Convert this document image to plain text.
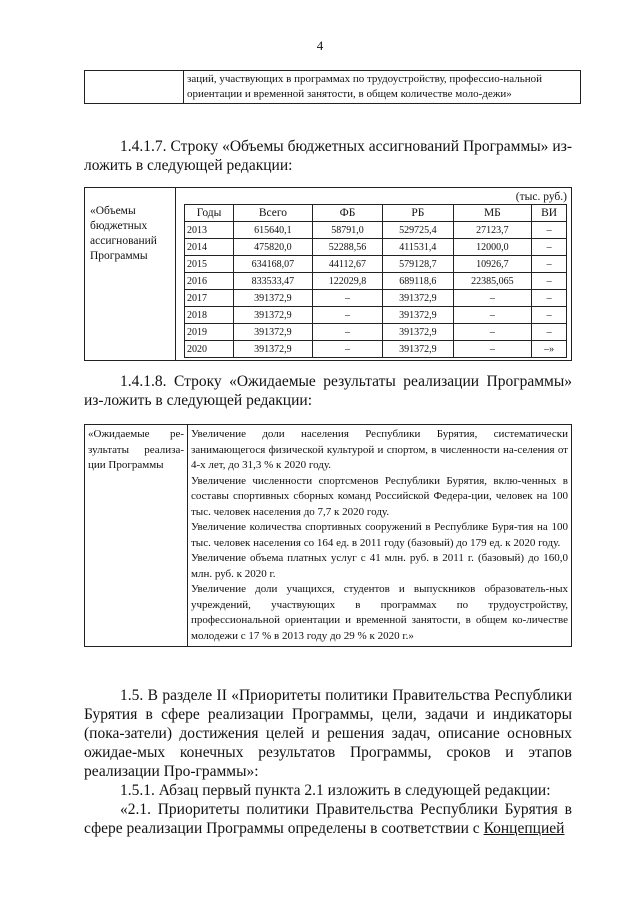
4
	заций, участвующих в программах по трудоустройству, профессио-нальной ориентации и временной занятости, в общем количестве моло-дежи»
1.4.1.7. Строку «Объемы бюджетных ассигнований Программы» из-ложить в следующей редакции:
«Объемы бюджетных ассигнований Программы	
(тыс. руб.)
Годы	Всего	ФБ	РБ	МБ	ВИ
2013	615640,1	58791,0	529725,4	27123,7	–
2014	475820,0	52288,56	411531,4	12000,0	–
2015	634168,07	44112,67	579128,7	10926,7	–
2016	833533,47	122029,8	689118,6	22385,065	–
2017	391372,9	–	391372,9	–	–
2018	391372,9	–	391372,9	–	–
2019	391372,9	–	391372,9	–	–
2020	391372,9	–	391372,9	–	–»
1.4.1.8. Строку «Ожидаемые результаты реализации Программы» из-ложить в следующей редакции:
«Ожидаемые ре-зультаты реализа-ции Программы	
Увеличение доли населения Республики Бурятия, систематически занимающегося физической культурой и спортом, в численности на-селения от 4-х лет, до 31,3 % к 2020 году.
Увеличение численности спортсменов Республики Бурятия, вклю-ченных в составы спортивных сборных команд Российской Федера-ции, человек на 100 тыс. человек населения до 7,7 к 2020 году.
Увеличение количества спортивных сооружений в Республике Буря-тия на 100 тыс. человек населения со 164 ед. в 2011 году (базовый) до 179 ед. к 2020 году.
Увеличение объема платных услуг с 41 млн. руб. в 2011 г. (базовый) до 160,0 млн. руб. к 2020 г.
Увеличение доли учащихся, студентов и выпускников образователь-ных учреждений, участвующих в программах по трудоустройству, профессиональной ориентации и временной занятости, в общем ко-личестве молодежи с 17 % в 2013 году до 29 % к 2020 г.»
1.5. В разделе II «Приоритеты политики Правительства Республики Бурятия в сфере реализации Программы, цели, задачи и индикаторы (пока-затели) достижения целей и решения задач, описание основных ожидае-мых конечных результатов Программы, сроков и этапов реализации Про-граммы»:
1.5.1. Абзац первый пункта 2.1 изложить в следующей редакции:
«2.1. Приоритеты политики Правительства Республики Бурятия в сфере реализации Программы определены в соответствии с Концепцией
